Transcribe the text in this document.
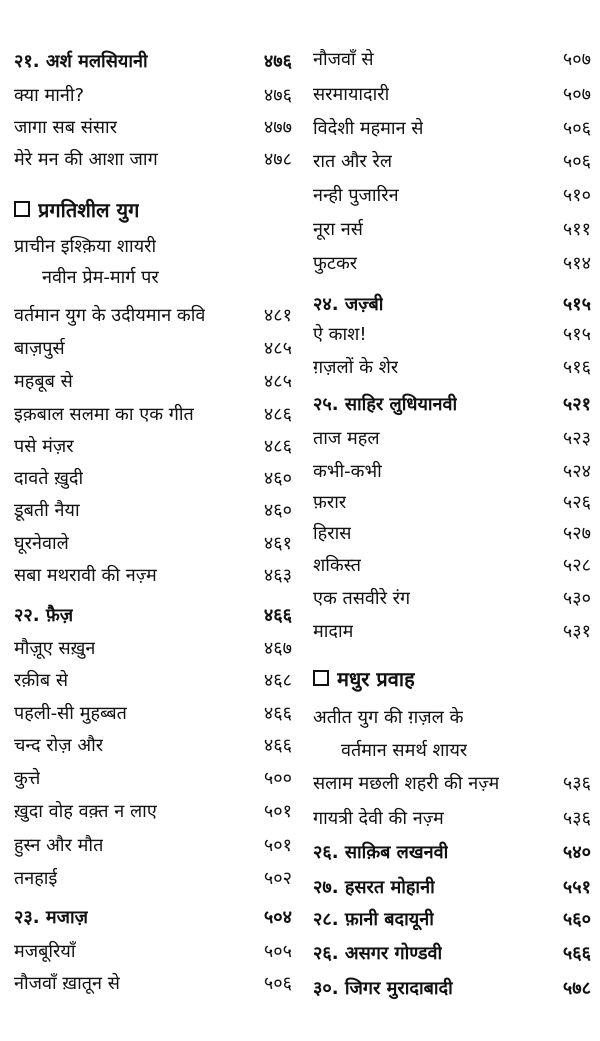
२१. अर्श मलसियानी	४७६
क्या मानी?	४७६
जागा सब संसार	४७७
मेरे मन की आशा जाग	४७८
प्रगतिशील युग
प्राचीन इश्क़िया शायरी
नवीन प्रेम-मार्ग पर
वर्तमान युग के उदीयमान कवि	४८१
बाज़पुर्स	४८५
महबूब से	४८५
इक़बाल सलमा का एक गीत	४८६
पसे मंज़र	४८६
दावते ख़ुदी	४६०
डूबती नैया	४६०
घूरनेवाले	४६१
सबा मथरावी की नज़्म	४६३
२२. फ़ैज़	४६६
मौज़ूए सख़ुन	४६७
रक़ीब से	४६८
पहली-सी मुहब्बत	४६६
चन्द रोज़ और	४६६
कुत्ते	५००
ख़ुदा वोह वक़्त न लाए	५०१
हुस्न और मौत	५०१
तनहाई	५०२
२३. मजाज़	५०४
मजबूरियाँ	५०५
नौजवाँ ख़ातून से	५०६
नौजवाँ से	५०७
सरमायादारी	५०७
विदेशी महमान से	५०६
रात और रेल	५०६
नन्ही पुजारिन	५१०
नूरा नर्स	५११
फुटकर	५१४
२४. जज़्बी	५१५
ऐ काश!	५१५
ग़ज़लों के शेर	५१६
२५. साहिर लुधियानवी	५२१
ताज महल	५२३
कभी-कभी	५२४
फ़रार	५२६
हिरास	५२७
शकिस्त	५२८
एक तसवीरे रंग	५३०
मादाम	५३१
मधुर प्रवाह
अतीत युग की ग़ज़ल के
वर्तमान समर्थ शायर
सलाम मछली शहरी की नज़्म	५३६
गायत्री देवी की नज़्म	५३६
२६. साक़िब लखनवी	५४०
२७. हसरत मोहानी	५५१
२८. फ़ानी बदायूनी	५६०
२६. असगर गोण्डवी	५६६
३०. जिगर मुरादाबादी	५७८
